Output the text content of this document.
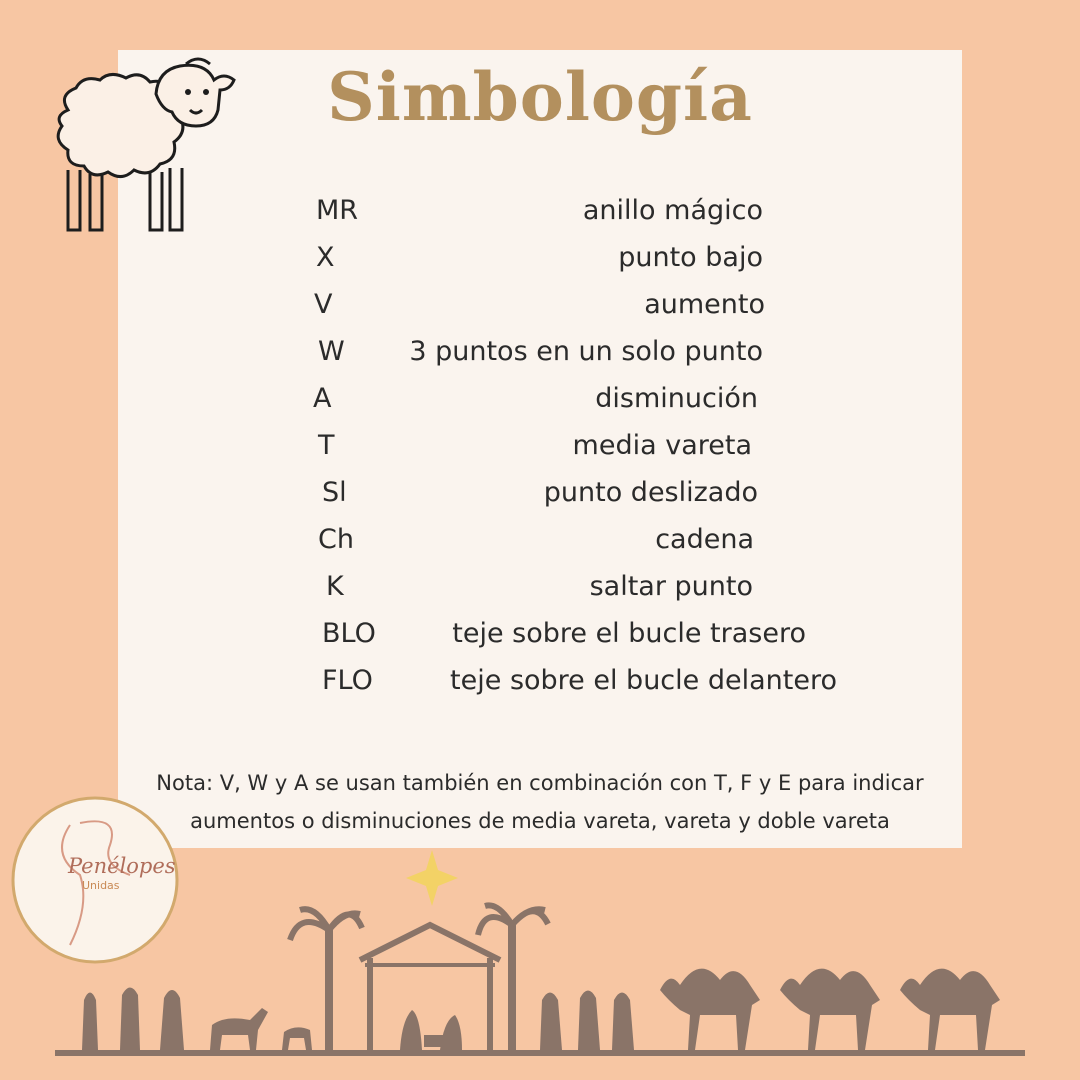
Simbología
MR	anillo mágico
X	punto bajo
V	aumento
W	3 puntos en un solo punto
A	disminución
T	media vareta
Sl	punto deslizado
Ch	cadena
K	saltar punto
BLO	teje sobre el bucle trasero
FLO	teje sobre el bucle delantero
Nota: V, W y A se usan también en combinación con T, F y E para indicar
aumentos o disminuciones de media vareta, vareta y doble vareta
Penélopes
Unidas
